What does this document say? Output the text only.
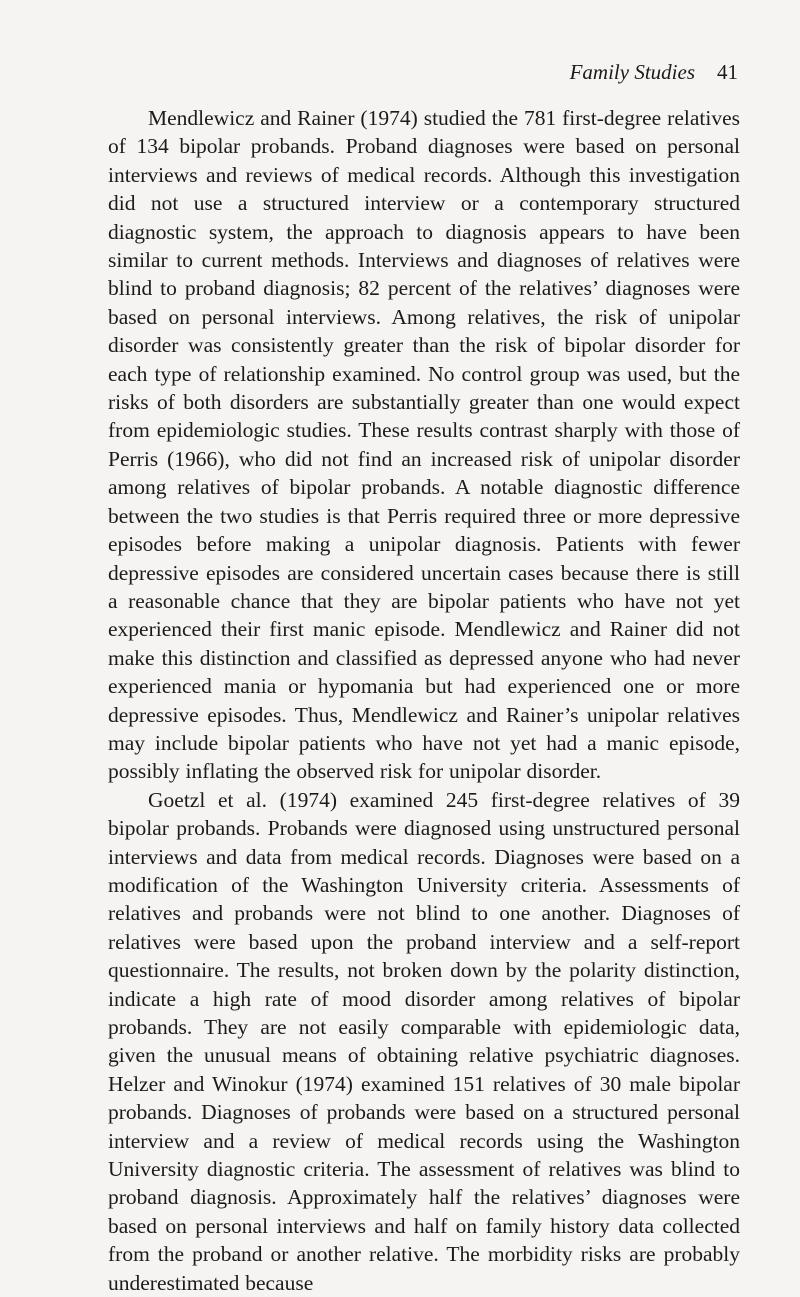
Family Studies 41

Mendlewicz and Rainer (1974) studied the 781 first-degree relatives of 134 bipolar probands. Proband diagnoses were based on personal interviews and reviews of medical records. Although this investigation did not use a structured interview or a contemporary structured diagnostic system, the approach to diagnosis appears to have been similar to current methods. Interviews and diagnoses of relatives were blind to proband diagnosis; 82 percent of the relatives’ diagnoses were based on personal interviews. Among relatives, the risk of unipolar disorder was consistently greater than the risk of bipolar disorder for each type of relationship examined. No control group was used, but the risks of both disorders are substantially greater than one would expect from epidemiologic studies. These results contrast sharply with those of Perris (1966), who did not find an increased risk of unipolar disorder among relatives of bipolar probands. A notable diagnostic difference between the two studies is that Perris required three or more depressive episodes before making a unipolar diagnosis. Patients with fewer depressive episodes are considered uncertain cases because there is still a reasonable chance that they are bipolar patients who have not yet experienced their first manic episode. Mendlewicz and Rainer did not make this distinction and classified as depressed anyone who had never experienced mania or hypomania but had experienced one or more depressive episodes. Thus, Mendlewicz and Rainer’s unipolar relatives may include bipolar patients who have not yet had a manic episode, possibly inflating the observed risk for unipolar disorder.

Goetzl et al. (1974) examined 245 first-degree relatives of 39 bipolar probands. Probands were diagnosed using unstructured personal interviews and data from medical records. Diagnoses were based on a modification of the Washington University criteria. Assessments of relatives and probands were not blind to one another. Diagnoses of relatives were based upon the proband interview and a self-report questionnaire. The results, not broken down by the polarity distinction, indicate a high rate of mood disorder among relatives of bipolar probands. They are not easily comparable with epidemiologic data, given the unusual means of obtaining relative psychiatric diagnoses. Helzer and Winokur (1974) examined 151 relatives of 30 male bipolar probands. Diagnoses of probands were based on a structured personal interview and a review of medical records using the Washington University diagnostic criteria. The assessment of relatives was blind to proband diagnosis. Approximately half the relatives’ diagnoses were based on personal interviews and half on family history data collected from the proband or another relative. The morbidity risks are probably underestimated because
